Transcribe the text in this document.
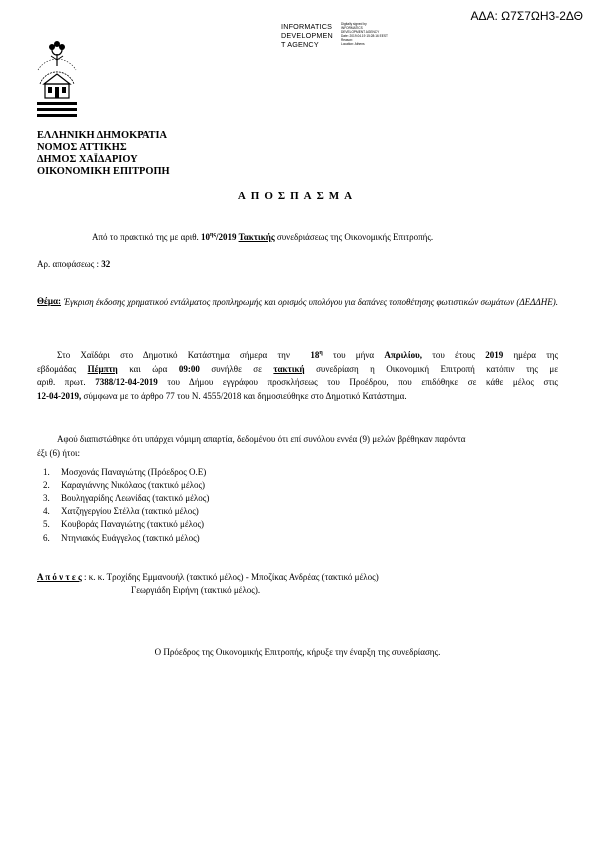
ΑΔΑ: Ω7Σ7ΩΗ3-2ΔΘ
INFORMATICS
DEVELOPMEN
T AGENCY
Digitally signed by
INFORMATICS
DEVELOPMENT AGENCY
Date: 2019.04.19 15:28:16 EEST
Reason:
Location: Athens
ΕΛΛΗΝΙΚΗ ΔΗΜΟΚΡΑΤΙΑ
ΝΟΜΟΣ ΑΤΤΙΚΗΣ
ΔΗΜΟΣ ΧΑΪΔΑΡΙΟΥ
ΟΙΚΟΝΟΜΙΚΗ ΕΠΙΤΡΟΠΗ
ΑΠΟΣΠΑΣΜΑ
Από το πρακτικό της με αριθ. $10^{\eta\varsigma}/2019$ Τακτικής συνεδριάσεως της Οικονομικής Επιτροπής.
Αρ. αποφάσεως : 32
Θέμα: Έγκριση έκδοσης χρηματικού εντάλματος προπληρωμής και ορισμός υπολόγου για δαπάνες τοποθέτησης φωτιστικών σωμάτων (ΔΕΔΔΗΕ).
Στο Χαϊδάρι στο Δημοτικό Κατάστημα σήμερα την $18^\eta$ του μήνα Απριλίου, του έτους 2019 ημέρα της
εβδομάδας Πέμπτη και ώρα 09:00 συνήλθε σε τακτική συνεδρίαση η Οικονομική Επιτροπή κατόπιν της με
αριθ. πρωτ. 7388/12-04-2019 του Δήμου εγγράφου προσκλήσεως του Προέδρου, που επιδόθηκε σε κάθε μέλος στις
12-04-2019, σύμφωνα με το άρθρο 77 του Ν. 4555/2018 και δημοσιεύθηκε στο Δημοτικό Κατάστημα.
Αφού διαπιστώθηκε ότι υπάρχει νόμιμη απαρτία, δεδομένου ότι επί συνόλου εννέα (9) μελών βρέθηκαν παρόντα
έξι (6) ήτοι:
1. Μοσχονάς Παναγιώτης (Πρόεδρος Ο.Ε)
2. Καραγιάννης Νικόλαος (τακτικό μέλος)
3. Βουληγαρίδης Λεωνίδας (τακτικό μέλος)
4. Χατζηγεργίου Στέλλα (τακτικό μέλος)
5. Κουβοράς Παναγιώτης (τακτικό μέλος)
6. Ντηνιακός Ευάγγελος (τακτικό μέλος)
Α π ό ν τ ε ς : κ. κ. Τροχίδης Εμμανουήλ (τακτικό μέλος) - Μποζίκας Ανδρέας (τακτικό μέλος)
Γεωργιάδη Ειρήνη (τακτικό μέλος).
Ο Πρόεδρος της Οικονομικής Επιτροπής, κήρυξε την έναρξη της συνεδρίασης.
